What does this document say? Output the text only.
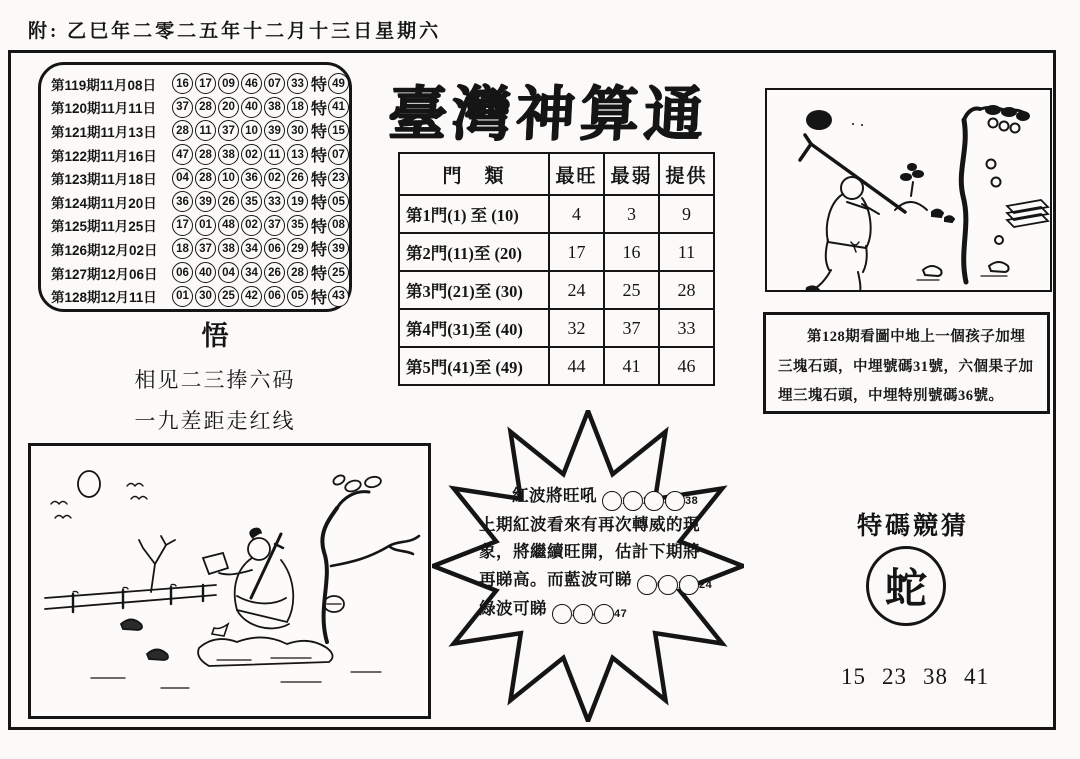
附: 乙巳年二零二五年十二月十三日星期六
第119期11月08日	16 17 09 46 07 33 特 49
第120期11月11日	37 28 20 40 38 18 特 41
第121期11月13日	28 11 37 10 39 30 特 15
第122期11月16日	47 28 38 02 11 13 特 07
第123期11月18日	04 28 10 36 02 26 特 23
第124期11月20日	36 39 26 35 33 19 特 05
第125期11月25日	17 01 48 02 37 35 特 08
第126期12月02日	18 37 38 34 06 29 特 39
第127期12月06日	06 40 04 34 26 28 特 25
第128期12月11日	01 30 25 42 06 05 特 43
臺灣神算通
門　類	最旺	最弱	提供
第1門(1) 至 (10)	4	3	9
第2門(11)至 (20)	17	16	11
第3門(21)至 (30)	24	25	28
第4門(31)至 (40)	32	37	33
第5門(41)至 (49)	44	41	46

第128期看圖中地上一個孩子加埋三塊石頭，中埋號碼31號，六個果子加埋三塊石頭，中埋特別號碼36號。

悟
相见二三捧六码
一九差距走红线
紅波將旺吼	38上期紅波看來有再次轉威的現象，將繼續旺開，估計下期將再睇高。而藍波可睇	24綠波可睇	47
特碼競猜
蛇
15 23 38 41
